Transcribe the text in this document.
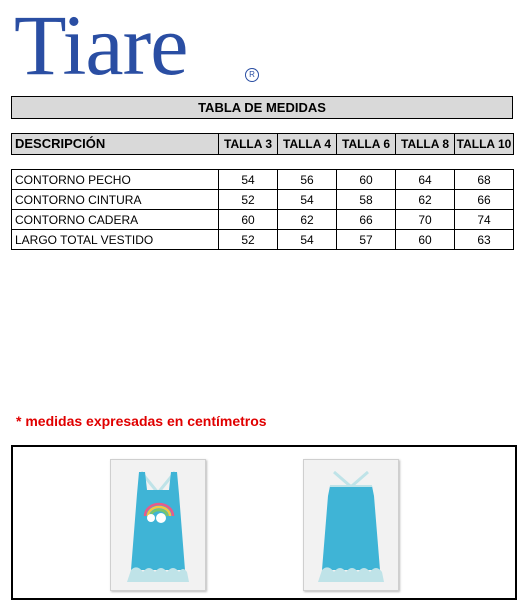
Tiare	R
TABLA DE MEDIDAS
DESCRIPCIÓN	TALLA 3	TALLA 4	TALLA 6	TALLA 8	TALLA 10
CONTORNO PECHO	54	56	60	64	68
CONTORNO CINTURA	52	54	58	62	66
CONTORNO CADERA	60	62	66	70	74
LARGO TOTAL VESTIDO	52	54	57	60	63
* medidas expresadas en centímetros
